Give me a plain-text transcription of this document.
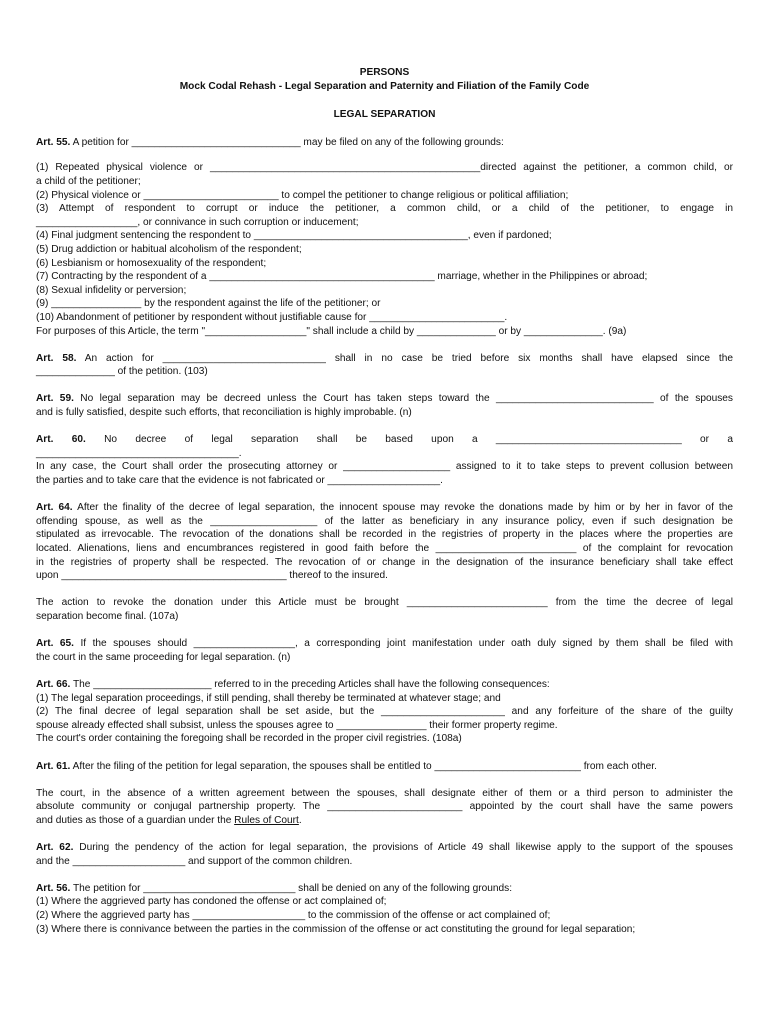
PERSONS
Mock Codal Rehash - Legal Separation and Paternity and Filiation of the Family Code
LEGAL SEPARATION

Art. 55. A petition for ______________________________ may be filed on any of the following grounds:

(1) Repeated physical violence or ________________________________________________directed against the petitioner, a common child, or

a child of the petitioner;

(2) Physical violence or ________________________ to compel the petitioner to change religious or political affiliation;

(3) Attempt of respondent to corrupt or induce the petitioner, a common child, or a child of the petitioner, to engage in

__________________, or connivance in such corruption or inducement;

(4) Final judgment sentencing the respondent to ______________________________________, even if pardoned;

(5) Drug addiction or habitual alcoholism of the respondent;

(6) Lesbianism or homosexuality of the respondent;

(7) Contracting by the respondent of a ________________________________________ marriage, whether in the Philippines or abroad;

(8) Sexual infidelity or perversion;

(9) ________________ by the respondent against the life of the petitioner; or

(10) Abandonment of petitioner by respondent without justifiable cause for ________________________.

For purposes of this Article, the term "__________________" shall include a child by ______________ or by ______________. (9a)

Art. 58. An action for _____________________________ shall in no case be tried before six months shall have elapsed since the

______________ of the petition. (103)

Art. 59. No legal separation may be decreed unless the Court has taken steps toward the ____________________________ of the spouses

and is fully satisfied, despite such efforts, that reconciliation is highly improbable. (n)

Art. 60. No decree of legal separation shall be based upon a _________________________________ or a

____________________________________.

In any case, the Court shall order the prosecuting attorney or ___________________ assigned to it to take steps to prevent collusion between

the parties and to take care that the evidence is not fabricated or ____________________.

Art. 64. After the finality of the decree of legal separation, the innocent spouse may revoke the donations made by him or by her in favor of the

offending spouse, as well as the ___________________ of the latter as beneficiary in any insurance policy, even if such designation be

stipulated as irrevocable. The revocation of the donations shall be recorded in the registries of property in the places where the properties are

located. Alienations, liens and encumbrances registered in good faith before the _________________________ of the complaint for revocation

in the registries of property shall be respected. The revocation of or change in the designation of the insurance beneficiary shall take effect

upon ________________________________________ thereof to the insured.

The action to revoke the donation under this Article must be brought _________________________ from the time the decree of legal

separation become final. (107a)

Art. 65. If the spouses should __________________, a corresponding joint manifestation under oath duly signed by them shall be filed with

the court in the same proceeding for legal separation. (n)

Art. 66. The _____________________ referred to in the preceding Articles shall have the following consequences:

(1) The legal separation proceedings, if still pending, shall thereby be terminated at whatever stage; and

(2) The final decree of legal separation shall be set aside, but the ______________________ and any forfeiture of the share of the guilty

spouse already effected shall subsist, unless the spouses agree to ________________ their former property regime.

The court's order containing the foregoing shall be recorded in the proper civil registries. (108a)

Art. 61. After the filing of the petition for legal separation, the spouses shall be entitled to __________________________ from each other.

The court, in the absence of a written agreement between the spouses, shall designate either of them or a third person to administer the

absolute community or conjugal partnership property. The ________________________ appointed by the court shall have the same powers

and duties as those of a guardian under the Rules of Court.

Art. 62. During the pendency of the action for legal separation, the provisions of Article 49 shall likewise apply to the support of the spouses

and the ____________________ and support of the common children.

Art. 56. The petition for ___________________________ shall be denied on any of the following grounds:

(1) Where the aggrieved party has condoned the offense or act complained of;

(2) Where the aggrieved party has ____________________ to the commission of the offense or act complained of;

(3) Where there is connivance between the parties in the commission of the offense or act constituting the ground for legal separation;
